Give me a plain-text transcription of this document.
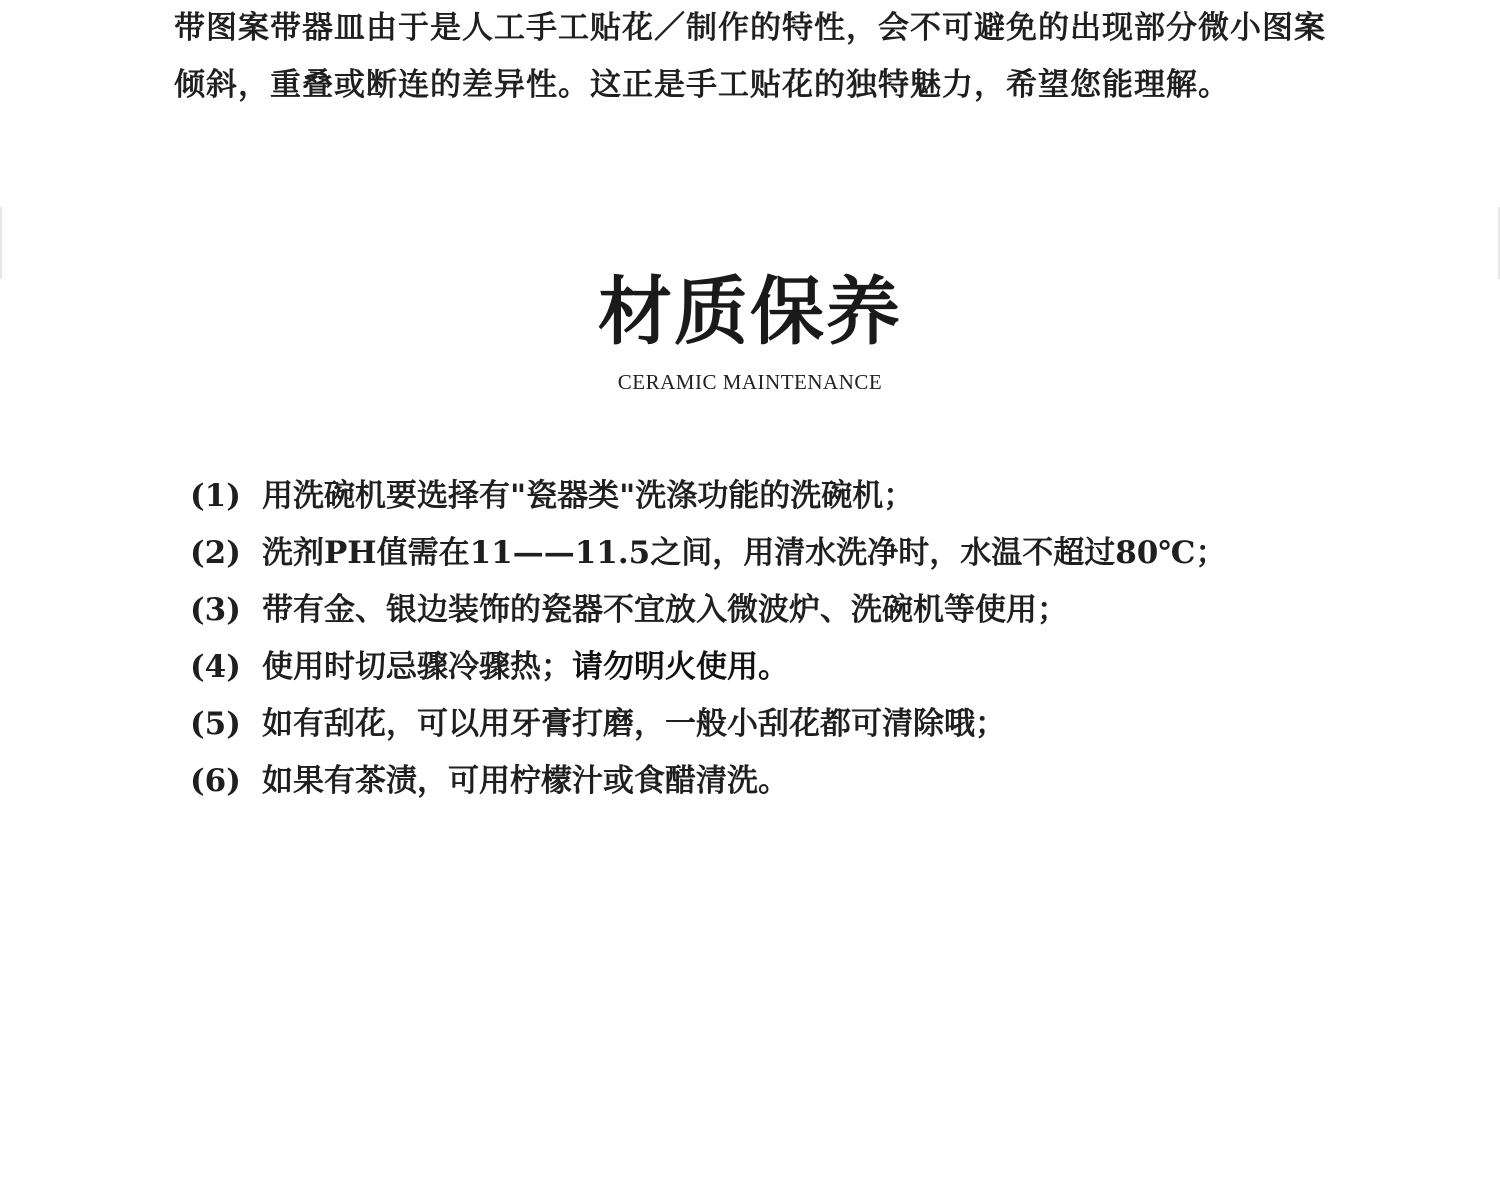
带图案带器皿由于是人工手工贴花／制作的特性，会不可避免的出现部分微小图案倾斜，重叠或断连的差异性。这正是手工贴花的独特魅力，希望您能理解。

材质保养
CERAMIC MAINTENANCE
(1) 用洗碗机要选择有"瓷器类"洗涤功能的洗碗机；
(2) 洗剂PH值需在11——11.5之间，用清水洗净时，水温不超过80℃；
(3) 带有金、银边装饰的瓷器不宜放入微波炉、洗碗机等使用；
(4) 使用时切忌骤冷骤热；请勿明火使用。
(5) 如有刮花，可以用牙膏打磨，一般小刮花都可清除哦；
(6) 如果有茶渍，可用柠檬汁或食醋清洗。
